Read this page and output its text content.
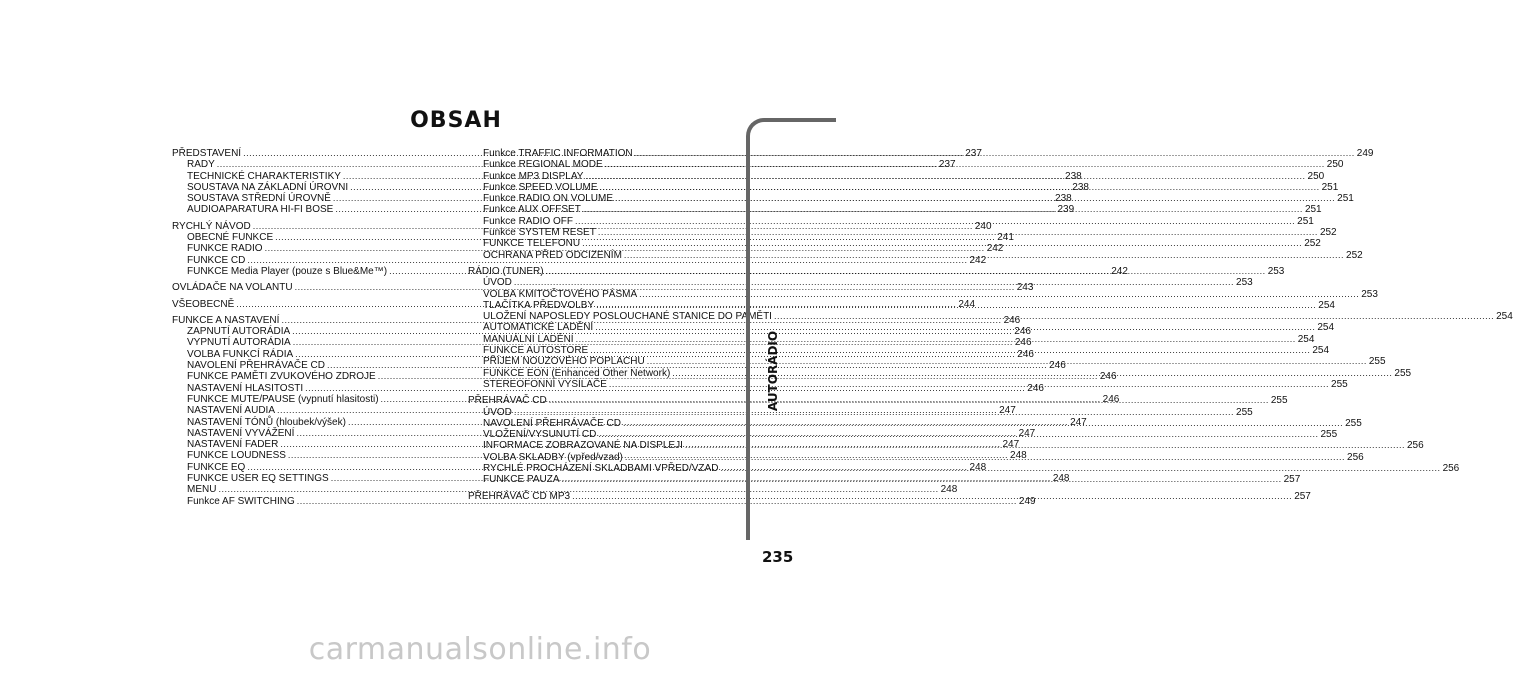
OBSAH
PŘEDSTAVENÍ .....	237
RADY .....	237
TECHNICKÉ CHARAKTERISTIKY .....	238
SOUSTAVA NA ZÁKLADNÍ ÚROVNI .....	238
SOUSTAVA STŘEDNÍ ÚROVNĚ .....	238
AUDIOAPARATURA HI-FI BOSE .....	239
RYCHLÝ NÁVOD .....	240
OBECNÉ FUNKCE .....	241
FUNKCE RADIO .....	242
FUNKCE CD .....	242
FUNKCE Media Player (pouze s Blue&Me™) .....	242
OVLÁDAČE NA VOLANTU .....	243
VŠEOBECNĚ .....	244
FUNKCE A NASTAVENÍ .....	246
ZAPNUTÍ AUTORÁDIA .....	246
VYPNUTÍ AUTORÁDIA .....	246
VOLBA FUNKCÍ RÁDIA .....	246
NAVOLENÍ PŘEHRÁVAČE CD .....	246
FUNKCE PAMĚTI ZVUKOVÉHO ZDROJE .....	246
NASTAVENÍ HLASITOSTI .....	246
FUNKCE MUTE/PAUSE (vypnutí hlasitosti) .....	246
NASTAVENÍ AUDIA .....	247
NASTAVENÍ TÓNŮ (hloubek/výšek) .....	247
NASTAVENÍ VYVÁŽENÍ .....	247
NASTAVENÍ FADER .....	247
FUNKCE LOUDNESS .....	248
FUNKCE EQ .....	248
FUNKCE USER EQ SETTINGS .....	248
MENU .....	248
Funkce AF SWITCHING .....	249
Funkce TRAFFIC INFORMATION .....	249
Funkce REGIONAL MODE .....	250
Funkce MP3 DISPLAY .....	250
Funkce SPEED VOLUME .....	251
Funkce RADIO ON VOLUME .....	251
Funkce AUX OFFSET .....	251
Funkce RADIO OFF .....	251
Funkce SYSTEM RESET .....	252
FUNKCE TELEFONU .....	252
OCHRANA PŘED ODCIZENÍM .....	252
RÁDIO (TUNER) .....	253
ÚVOD .....	253
VOLBA KMITOČTOVÉHO PÁSMA .....	253
TLAČÍTKA PŘEDVOLBY .....	254
ULOŽENÍ NAPOSLEDY POSLOUCHANÉ STANICE DO PAMĚTI .....	254
AUTOMATICKÉ LADĚNÍ .....	254
MANUÁLNÍ LADĚNÍ .....	254
FUNKCE AUTOSTORE .....	254
PŘÍJEM NOUZOVÉHO POPLACHU .....	255
FUNKCE EON (Enhanced Other Network) .....	255
STEREOFONNÍ VYSÍLAČE .....	255
PŘEHRÁVAČ CD .....	255
ÚVOD .....	255
NAVOLENÍ PŘEHRÁVAČE CD .....	255
VLOŽENÍ/VYSUNUTÍ CD .....	255
INFORMACE ZOBRAZOVANÉ NA DISPLEJI .....	256
VOLBA SKLADBY (vpřed/vzad) .....	256
RYCHLÉ PROCHÁZENÍ SKLADBAMI VPŘED/VZAD .....	256
FUNKCE PAUZA .....	257
PŘEHRÁVAČ CD MP3 .....	257
AUTORÁDIO
235
carmanualsonline.info
